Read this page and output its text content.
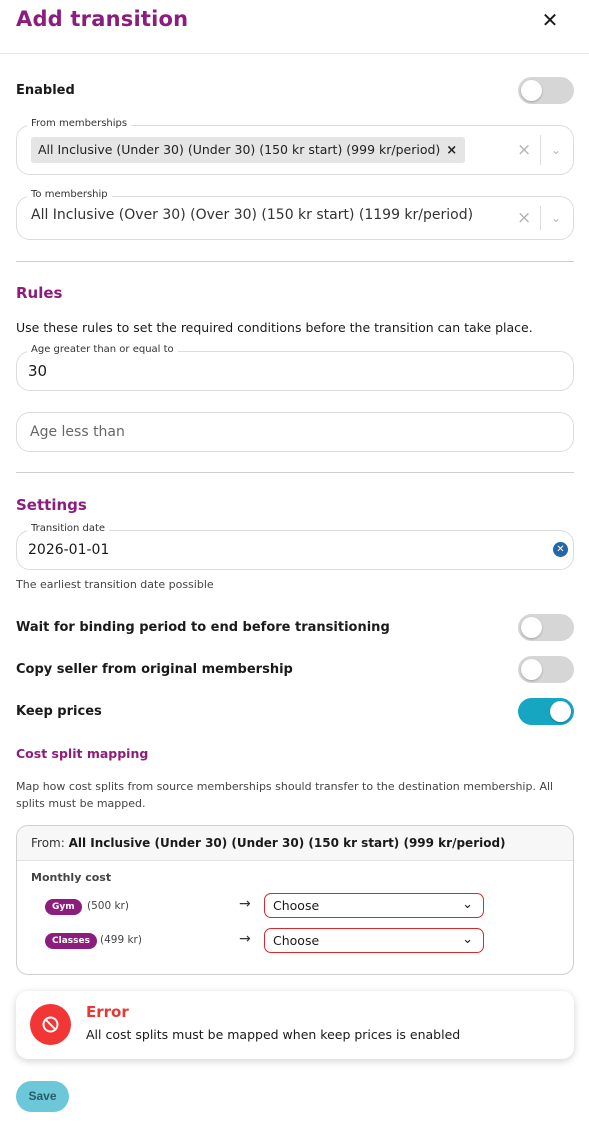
Add transition	✕
Enabled
From memberships
All Inclusive (Under 30) (Under 30) (150 kr start) (999 kr/period) ×	× ⌄
To membership
All Inclusive (Over 30) (Over 30) (150 kr start) (1199 kr/period)	× ⌄
Rules
Use these rules to set the required conditions before the transition can take place.
Age greater than or equal to
30
Age less than
Settings
Transition date
2026-01-01	✕
The earliest transition date possible
Wait for binding period to end before transitioning
Copy seller from original membership
Keep prices
Cost split mapping
Map how cost splits from source memberships should transfer to the destination membership. All splits must be mapped.
From: All Inclusive (Under 30) (Under 30) (150 kr start) (999 kr/period)
Monthly cost
Gym	(500 kr)	→ Choose	⌄
Classes (499 kr)	→ Choose	⌄
Error
All cost splits must be mapped when keep prices is enabled
Save
